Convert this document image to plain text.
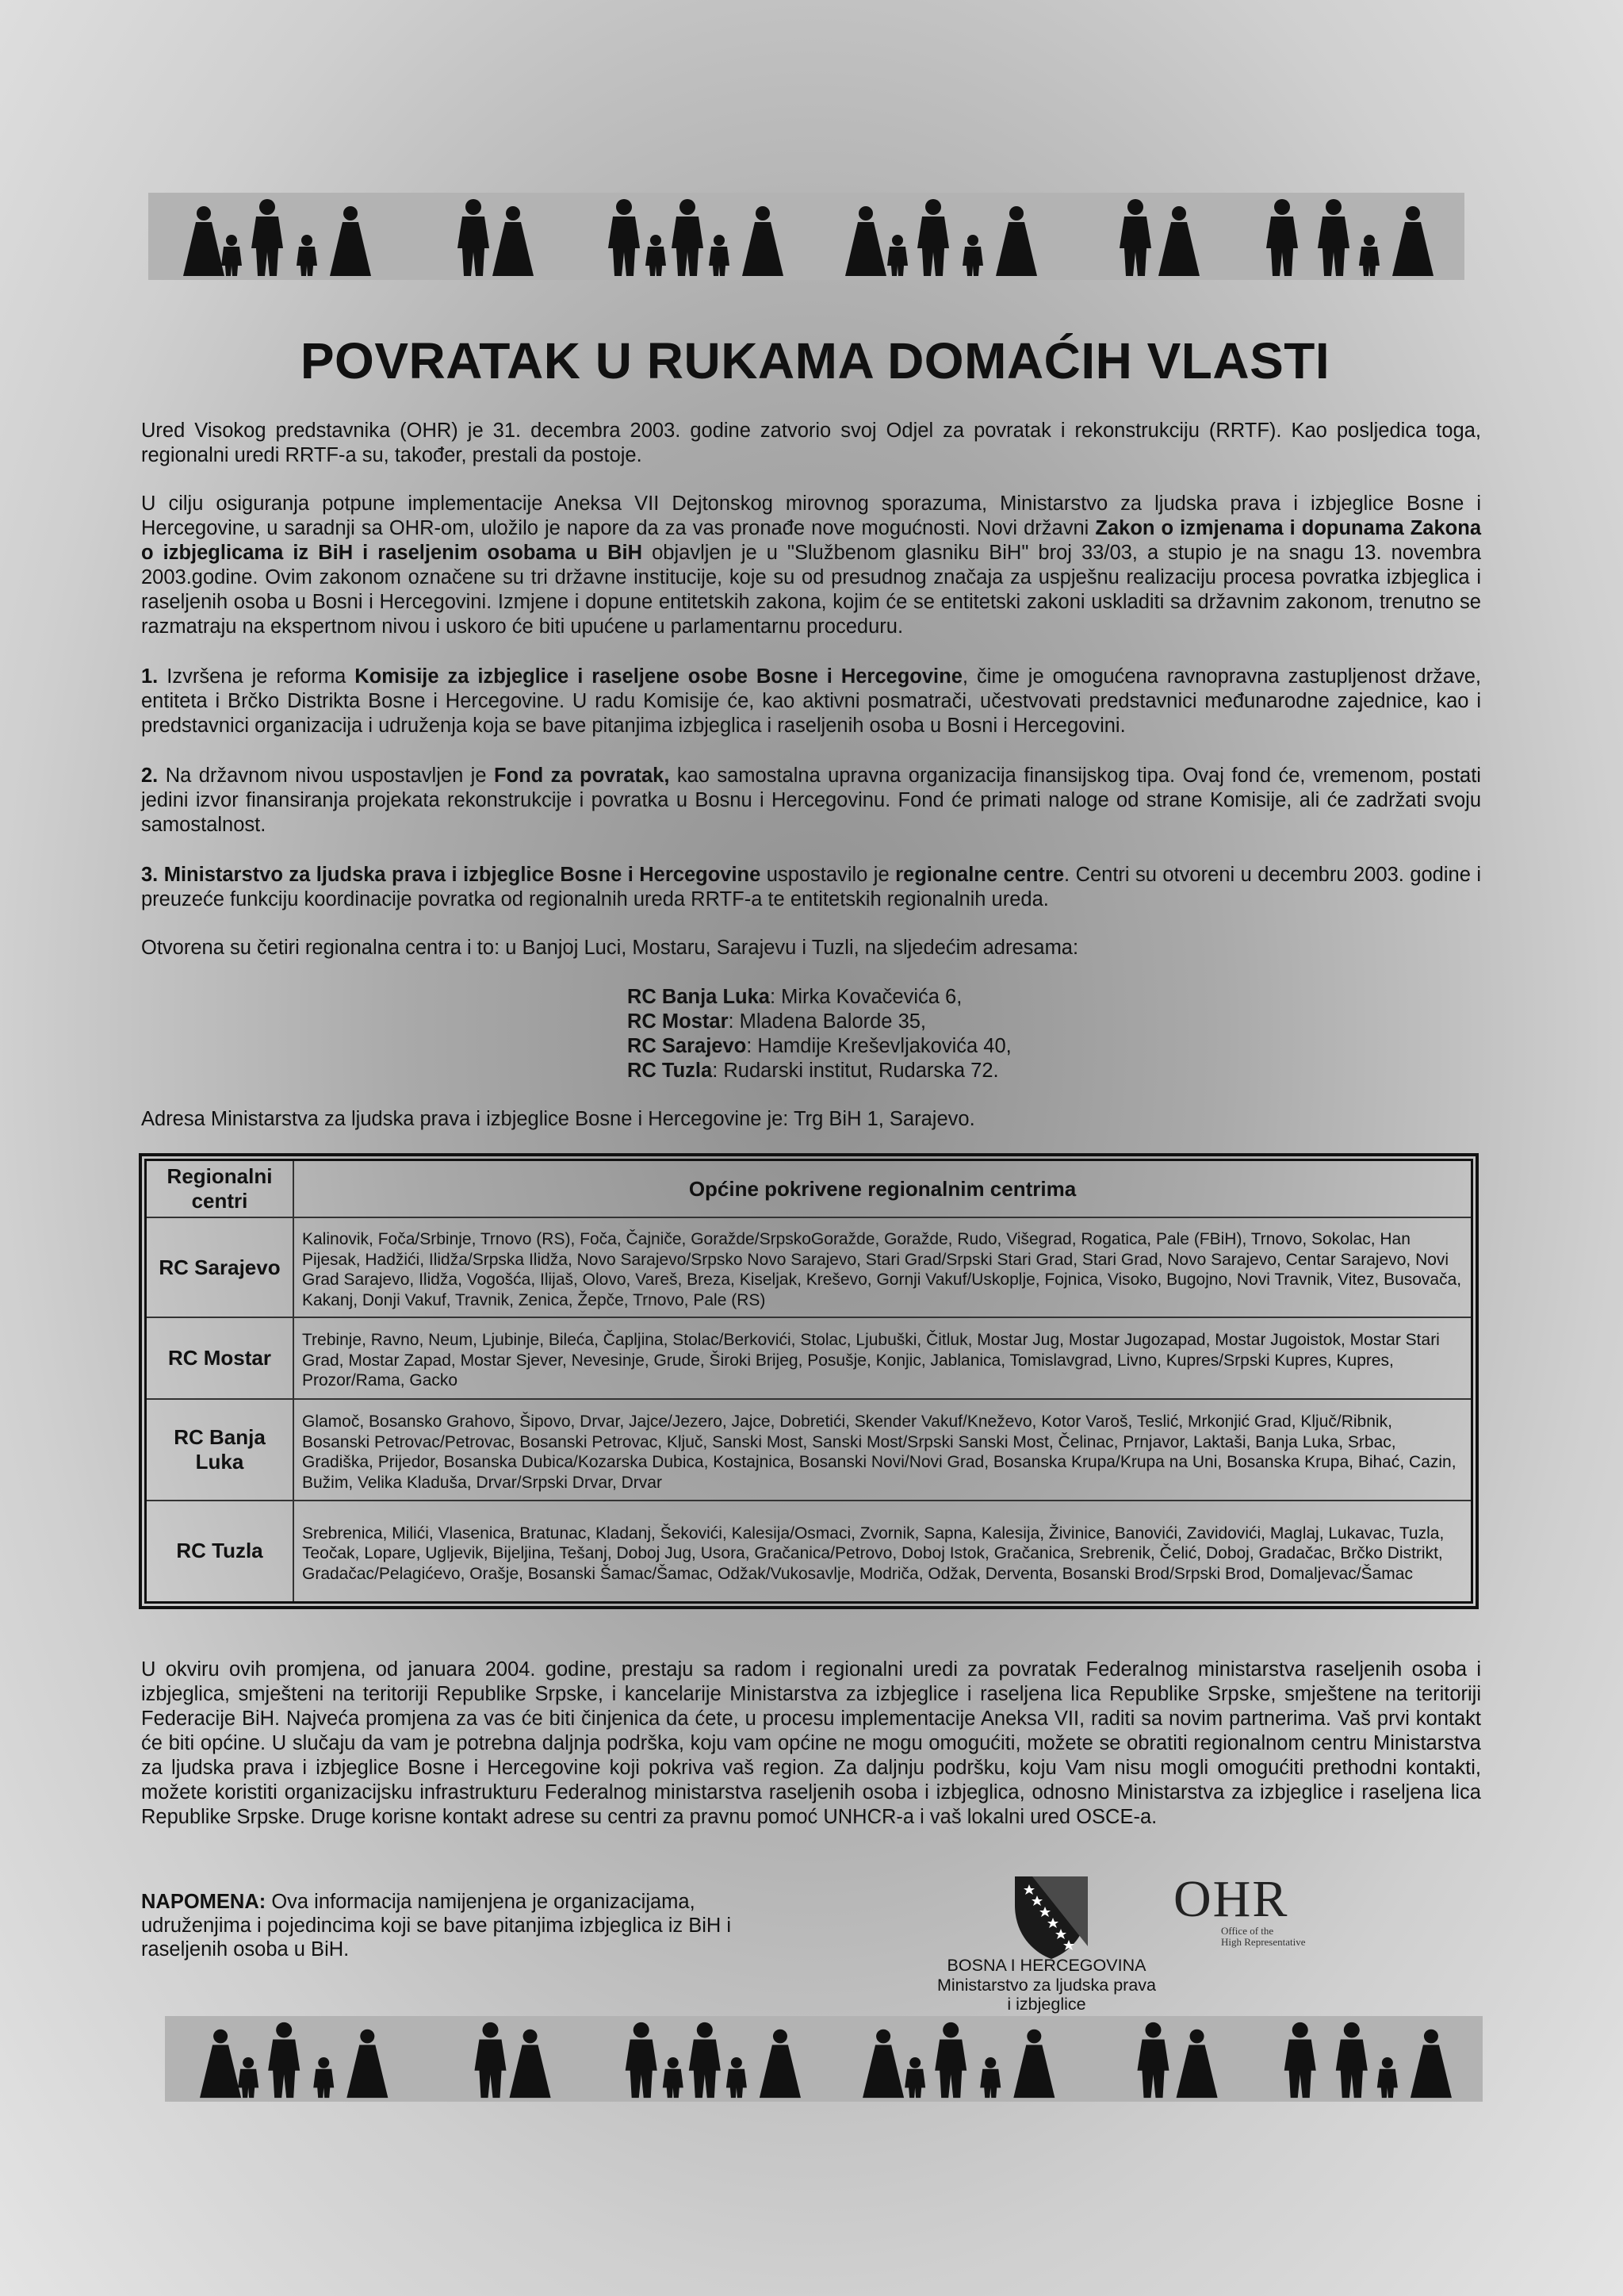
POVRATAK U RUKAMA DOMAĆIH VLASTI

Ured Visokog predstavnika (OHR) je 31. decembra 2003. godine zatvorio svoj Odjel za povratak i rekonstrukciju (RRTF). Kao posljedica toga, regionalni uredi RRTF-a su, također, prestali da postoje.

U cilju osiguranja potpune implementacije Aneksa VII Dejtonskog mirovnog sporazuma, Ministarstvo za ljudska prava i izbjeglice Bosne i Hercegovine, u saradnji sa OHR-om, uložilo je napore da za vas pronađe nove mogućnosti. Novi državni Zakon o izmjenama i dopunama Zakona o izbjeglicama iz BiH i raseljenim osobama u BiH objavljen je u "Službenom glasniku BiH" broj 33/03, a stupio je na snagu 13. novembra 2003.godine. Ovim zakonom označene su tri državne institucije, koje su od presudnog značaja za uspješnu realizaciju procesa povratka izbjeglica i raseljenih osoba u Bosni i Hercegovini. Izmjene i dopune entitetskih zakona, kojim će se entitetski zakoni uskladiti sa državnim zakonom, trenutno se razmatraju na ekspertnom nivou i uskoro će biti upućene u parlamentarnu proceduru.

1. Izvršena je reforma Komisije za izbjeglice i raseljene osobe Bosne i Hercegovine, čime je omogućena ravnopravna zastupljenost države, entiteta i Brčko Distrikta Bosne i Hercegovine. U radu Komisije će, kao aktivni posmatrači, učestvovati predstavnici međunarodne zajednice, kao i predstavnici organizacija i udruženja koja se bave pitanjima izbjeglica i raseljenih osoba u Bosni i Hercegovini.

2. Na državnom nivou uspostavljen je Fond za povratak, kao samostalna upravna organizacija finansijskog tipa. Ovaj fond će, vremenom, postati jedini izvor finansiranja projekata rekonstrukcije i povratka u Bosnu i Hercegovinu. Fond će primati naloge od strane Komisije, ali će zadržati svoju samostalnost.

3. Ministarstvo za ljudska prava i izbjeglice Bosne i Hercegovine uspostavilo je regionalne centre. Centri su otvoreni u decembru 2003. godine i preuzeće funkciju koordinacije povratka od regionalnih ureda RRTF-a te entitetskih regionalnih ureda.

Otvorena su četiri regionalna centra i to: u Banjoj Luci, Mostaru, Sarajevu i Tuzli, na sljedećim adresama:

RC Banja Luka: Mirka Kovačevića 6,
RC Mostar: Mladena Balorde 35,
RC Sarajevo: Hamdije Kreševljakovića 40,
RC Tuzla: Rudarski institut, Rudarska 72.

Adresa Ministarstva za ljudska prava i izbjeglice Bosne i Hercegovine je: Trg BiH 1, Sarajevo.

Regionalni centri	Općine pokrivene regionalnim centrima
RC Sarajevo	Kalinovik, Foča/Srbinje, Trnovo (RS), Foča, Čajniče, Goražde/SrpskoGoražde, Goražde, Rudo, Višegrad, Rogatica, Pale (FBiH), Trnovo, Sokolac, Han Pijesak, Hadžići, Ilidža/Srpska Ilidža, Novo Sarajevo/Srpsko Novo Sarajevo, Stari Grad/Srpski Stari Grad, Stari Grad, Novo Sarajevo, Centar Sarajevo, Novi Grad Sarajevo, Ilidža, Vogošća, Ilijaš, Olovo, Vareš, Breza, Kiseljak, Kreševo, Gornji Vakuf/Uskoplje, Fojnica, Visoko, Bugojno, Novi Travnik, Vitez, Busovača, Kakanj, Donji Vakuf, Travnik, Zenica, Žepče, Trnovo, Pale (RS)
RC Mostar	Trebinje, Ravno, Neum, Ljubinje, Bileća, Čapljina, Stolac/Berkovići, Stolac, Ljubuški, Čitluk, Mostar Jug, Mostar Jugozapad, Mostar Jugoistok, Mostar Stari Grad, Mostar Zapad, Mostar Sjever, Nevesinje, Grude, Široki Brijeg, Posušje, Konjic, Jablanica, Tomislavgrad, Livno, Kupres/Srpski Kupres, Kupres, Prozor/Rama, Gacko
RC Banja Luka	Glamoč, Bosansko Grahovo, Šipovo, Drvar, Jajce/Jezero, Jajce, Dobretići, Skender Vakuf/Kneževo, Kotor Varoš, Teslić, Mrkonjić Grad, Ključ/Ribnik, Bosanski Petrovac/Petrovac, Bosanski Petrovac, Ključ, Sanski Most, Sanski Most/Srpski Sanski Most, Čelinac, Prnjavor, Laktaši, Banja Luka, Srbac, Gradiška, Prijedor, Bosanska Dubica/Kozarska Dubica, Kostajnica, Bosanski Novi/Novi Grad, Bosanska Krupa/Krupa na Uni, Bosanska Krupa, Bihać, Cazin, Bužim, Velika Kladuša, Drvar/Srpski Drvar, Drvar
RC Tuzla	Srebrenica, Milići, Vlasenica, Bratunac, Kladanj, Šekovići, Kalesija/Osmaci, Zvornik, Sapna, Kalesija, Živinice, Banovići, Zavidovići, Maglaj, Lukavac, Tuzla, Teočak, Lopare, Ugljevik, Bijeljina, Tešanj, Doboj Jug, Usora, Gračanica/Petrovo, Doboj Istok, Gračanica, Srebrenik, Čelić, Doboj, Gradačac, Brčko Distrikt, Gradačac/Pelagićevo, Orašje, Bosanski Šamac/Šamac, Odžak/Vukosavlje, Modriča, Odžak, Derventa, Bosanski Brod/Srpski Brod, Domaljevac/Šamac

U okviru ovih promjena, od januara 2004. godine, prestaju sa radom i regionalni uredi za povratak Federalnog ministarstva raseljenih osoba i izbjeglica, smješteni na teritoriji Republike Srpske, i kancelarije Ministarstva za izbjeglice i raseljena lica Republike Srpske, smještene na teritoriji Federacije BiH. Najveća promjena za vas će biti činjenica da ćete, u procesu implementacije Aneksa VII, raditi sa novim partnerima. Vaš prvi kontakt će biti općine. U slučaju da vam je potrebna daljnja podrška, koju vam općine ne mogu omogućiti, možete se obratiti regionalnom centru Ministarstva za ljudska prava i izbjeglice Bosne i Hercegovine koji pokriva vaš region. Za daljnju podršku, koju Vam nisu mogli omogućiti prethodni kontakti, možete koristiti organizacijsku infrastrukturu Federalnog ministarstva raseljenih osoba i izbjeglica, odnosno Ministarstva za izbjeglice i raseljena lica Republike Srpske. Druge korisne kontakt adrese su centri za pravnu pomoć UNHCR-a i vaš lokalni ured OSCE-a.

NAPOMENA: Ova informacija namijenjena je organizacijama, udruženjima i pojedincima koji se bave pitanjima izbjeglica iz BiH i raseljenih osoba u BiH.
BOSNA I HERCEGOVINA
Ministarstvo za ljudska prava
i izbjeglice
OHR
Office of the
High Representative
